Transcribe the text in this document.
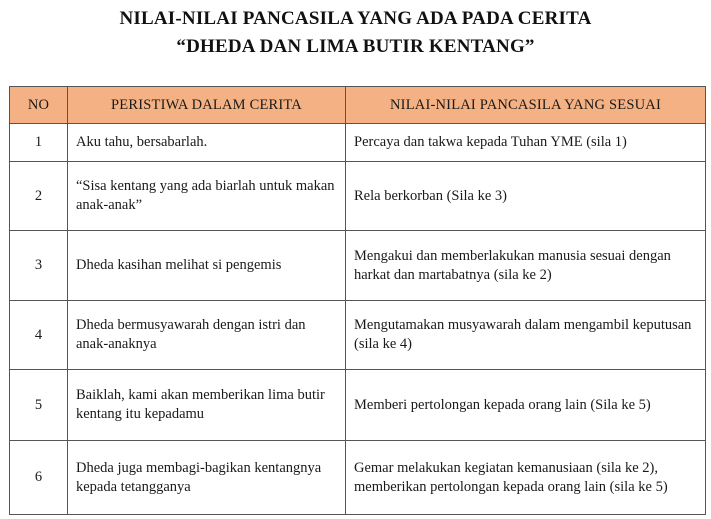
NILAI-NILAI PANCASILA YANG ADA PADA CERITA
“DHEDA DAN LIMA BUTIR KENTANG”
NO	PERISTIWA DALAM CERITA	NILAI-NILAI PANCASILA YANG SESUAI
1	Aku tahu, bersabarlah.	Percaya dan takwa kepada Tuhan YME (sila 1)
2	“Sisa kentang yang ada biarlah untuk makan anak-anak”	Rela berkorban (Sila ke 3)
3	Dheda kasihan melihat si pengemis	Mengakui dan memberlakukan manusia sesuai dengan harkat dan martabatnya (sila ke 2)
4	Dheda bermusyawarah dengan istri dan anak-anaknya	Mengutamakan musyawarah dalam mengambil keputusan (sila ke 4)
5	Baiklah, kami akan memberikan lima butir kentang itu kepadamu	Memberi pertolongan kepada orang lain (Sila ke 5)
6	Dheda juga membagi-bagikan kentangnya kepada tetangganya	Gemar melakukan kegiatan kemanusiaan (sila ke 2), memberikan pertolongan kepada orang lain (sila ke 5)
